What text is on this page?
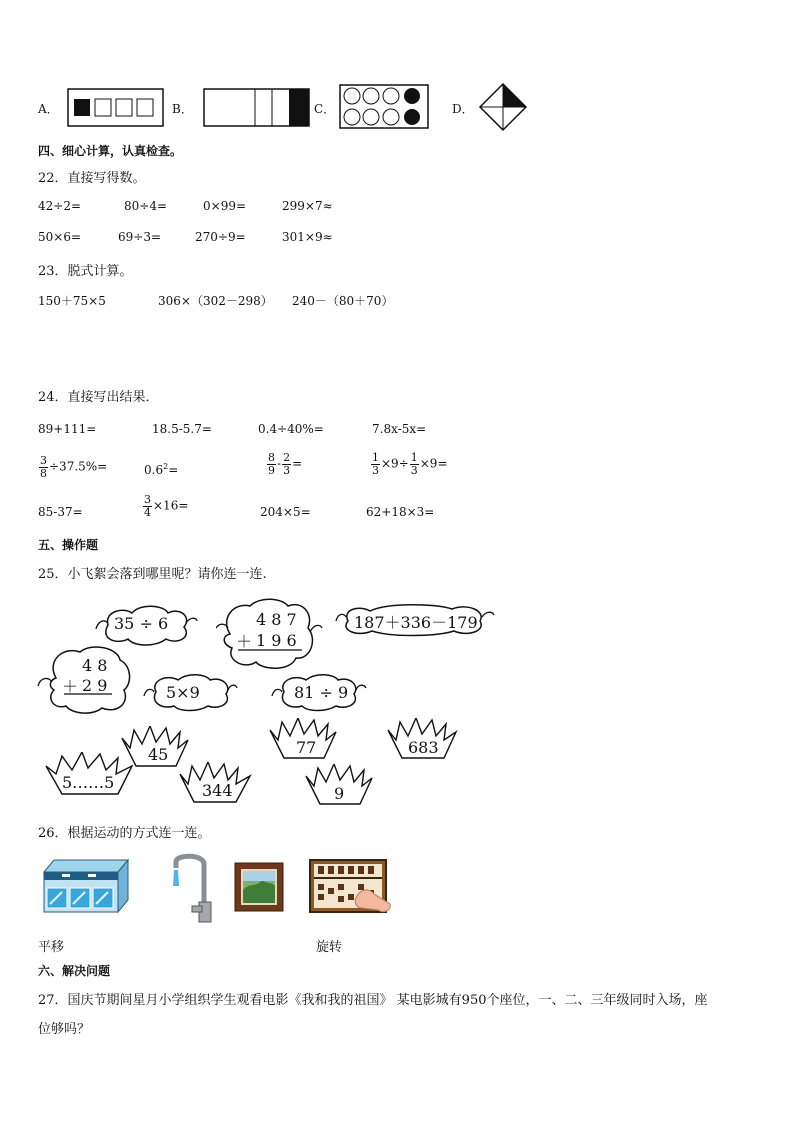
A．	B．	C．	D．
四、细心计算，认真检查。
22．直接写得数。
42÷2=	80÷4=	0×99=	299×7≈
50×6=	69÷3=	270÷9=	301×9≈
23．脱式计算。
150＋75×5	306×（302－298） 240－（80＋70）
24．直接写出结果．
89+111=	18.5-5.7=	0.4÷40%=	7.8x-5x=
$\frac{3}{8} \div 37.5\%=$	$0.6^2=$	$\frac{8}{9} - \frac{2}{3}$ =	$\frac{1}{3} \times 9\div \frac{1}{3} \times 9=$
85-37=	$\frac{3}{4} \times 16=$	204×5=	62+18×3=
五、操作题
25．小飞絮会落到哪里呢？请你连一连.
35 ÷ 6	4 8 7
＋ 1 9 6
187＋336－179
4 8
＋ 2 9	5×9	81 ÷ 9
45	77	683
5……5	344	9
26．根据运动的方式连一连。
平移	旋转
六、解决问题
27．国庆节期间星月小学组织学生观看电影《我和我的祖国》 某电影城有950个座位，一、二、三年级同时入场，座
位够吗？
